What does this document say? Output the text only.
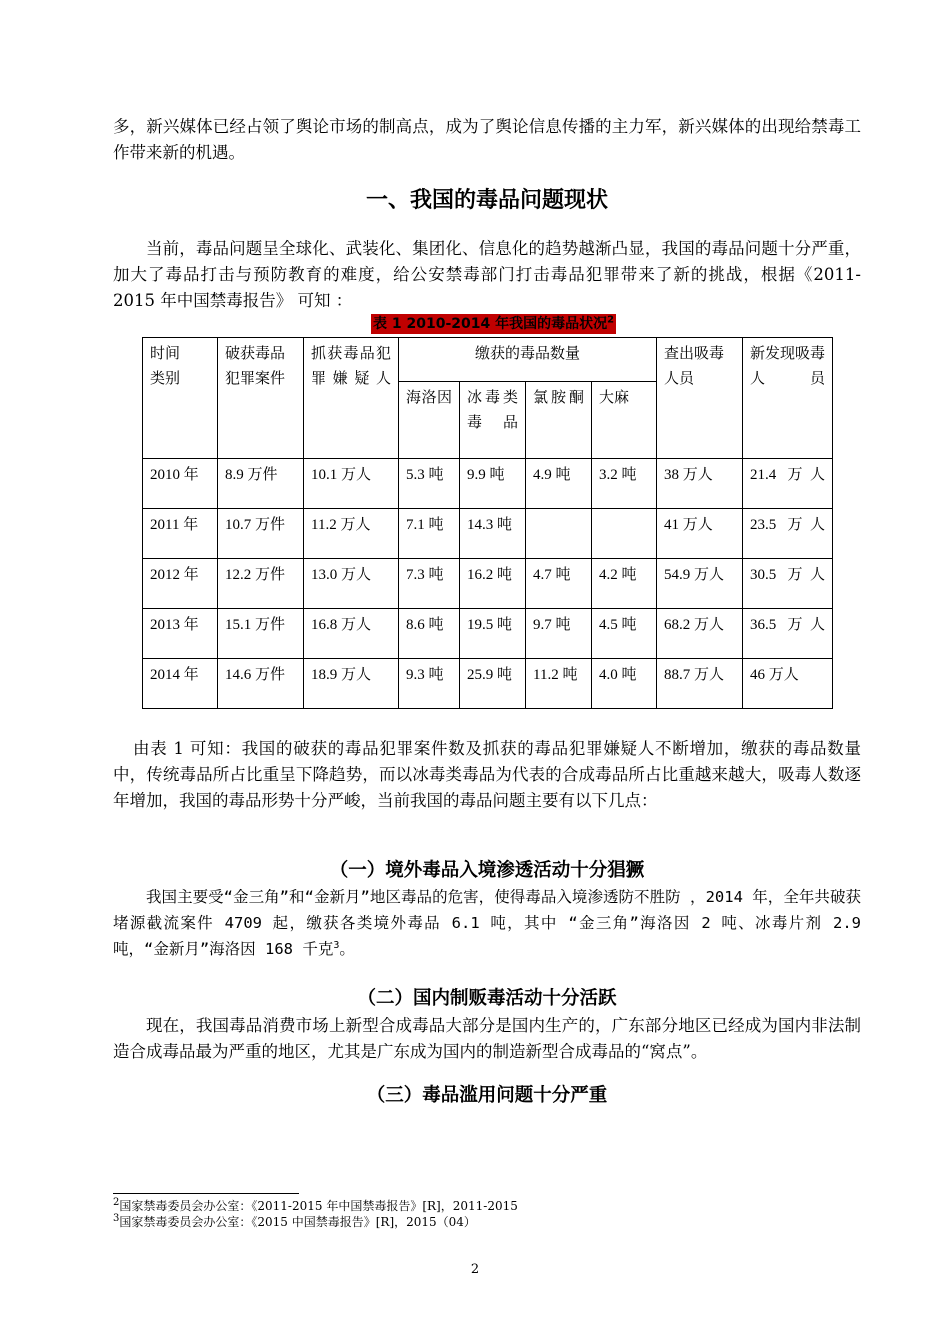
多，新兴媒体已经占领了舆论市场的制高点，成为了舆论信息传播的主力军，新兴媒体的出现给禁毒工作带来新的机遇。

一、我国的毒品问题现状

当前，毒品问题呈全球化、武装化、集团化、信息化的趋势越渐凸显，我国的毒品问题十分严重，加大了毒品打击与预防教育的难度，给公安禁毒部门打击毒品犯罪带来了新的挑战，根据《2011-2015 年中国禁毒报告》 可知 ：

表 1 2010-2014 年我国的毒品状况$^2$
时间
类别	破获毒品犯罪案件	抓获毒品犯罪嫌疑人	缴获的毒品数量				查出吸毒人员	新发现吸毒人员
			海洛因	冰毒类毒品	氯胺酮	大麻		
2010 年	8.9 万件	10.1 万人	5.3 吨	9.9 吨	4.9 吨	3.2 吨	38 万人	21.4 万人
2011 年	10.7 万件	11.2 万人	7.1 吨	14.3 吨			41 万人	23.5 万人
2012 年	12.2 万件	13.0 万人	7.3 吨	16.2 吨	4.7 吨	4.2 吨	54.9 万人	30.5 万人
2013 年	15.1 万件	16.8 万人	8.6 吨	19.5 吨	9.7 吨	4.5 吨	68.2 万人	36.5 万人
2014 年	14.6 万件	18.9 万人	9.3 吨	25.9 吨	11.2 吨	4.0 吨	88.7 万人	46 万人

由表 1 可知：我国的破获的毒品犯罪案件数及抓获的毒品犯罪嫌疑人不断增加，缴获的毒品数量中，传统毒品所占比重呈下降趋势，而以冰毒类毒品为代表的合成毒品所占比重越来越大，吸毒人数逐年增加，我国的毒品形势十分严峻，当前我国的毒品问题主要有以下几点：

（一）境外毒品入境渗透活动十分猖獗

我国主要受“金三角”和“金新月”地区毒品的危害，使得毒品入境渗透防不胜防 ，2014 年，全年共破获堵源截流案件 4709 起，缴获各类境外毒品 6.1 吨，其中 “金三角”海洛因 2 吨、冰毒片剂 2.9 吨，“金新月”海洛因 168 千克$^3$。

（二）国内制贩毒活动十分活跃

现在，我国毒品消费市场上新型合成毒品大部分是国内生产的，广东部分地区已经成为国内非法制造合成毒品最为严重的地区，尤其是广东成为国内的制造新型合成毒品的“窝点”。

（三）毒品滥用问题十分严重
$^2$国家禁毒委员会办公室：《2011-2015 年中国禁毒报告》[R]，2011-2015
$^3$国家禁毒委员会办公室：《2015 中国禁毒报告》[R]，2015（04）
2
